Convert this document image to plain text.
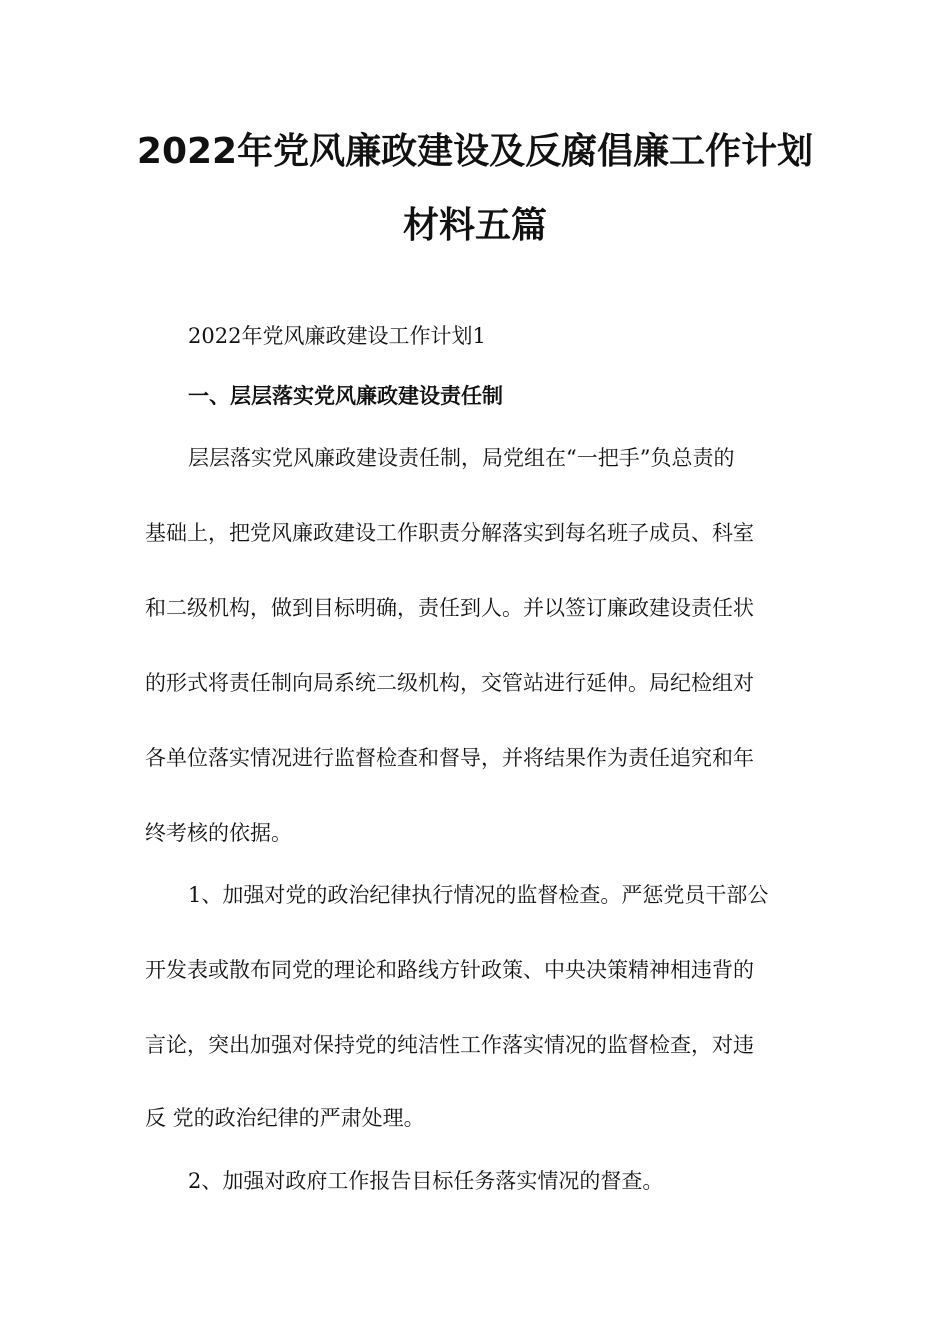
2022年党风廉政建设及反腐倡廉工作计划
材料五篇

2022年党风廉政建设工作计划1

一、层层落实党风廉政建设责任制

层层落实党风廉政建设责任制，局党组在“一把手”负总责的

基础上，把党风廉政建设工作职责分解落实到每名班子成员、科室

和二级机构，做到目标明确，责任到人。并以签订廉政建设责任状

的形式将责任制向局系统二级机构，交管站进行延伸。局纪检组对

各单位落实情况进行监督检查和督导，并将结果作为责任追究和年

终考核的依据。

1、加强对党的政治纪律执行情况的监督检查。严惩党员干部公

开发表或散布同党的理论和路线方针政策、中央决策精神相违背的

言论，突出加强对保持党的纯洁性工作落实情况的监督检查，对违

反 党的政治纪律的严肃处理。

2、加强对政府工作报告目标任务落实情况的督查。
